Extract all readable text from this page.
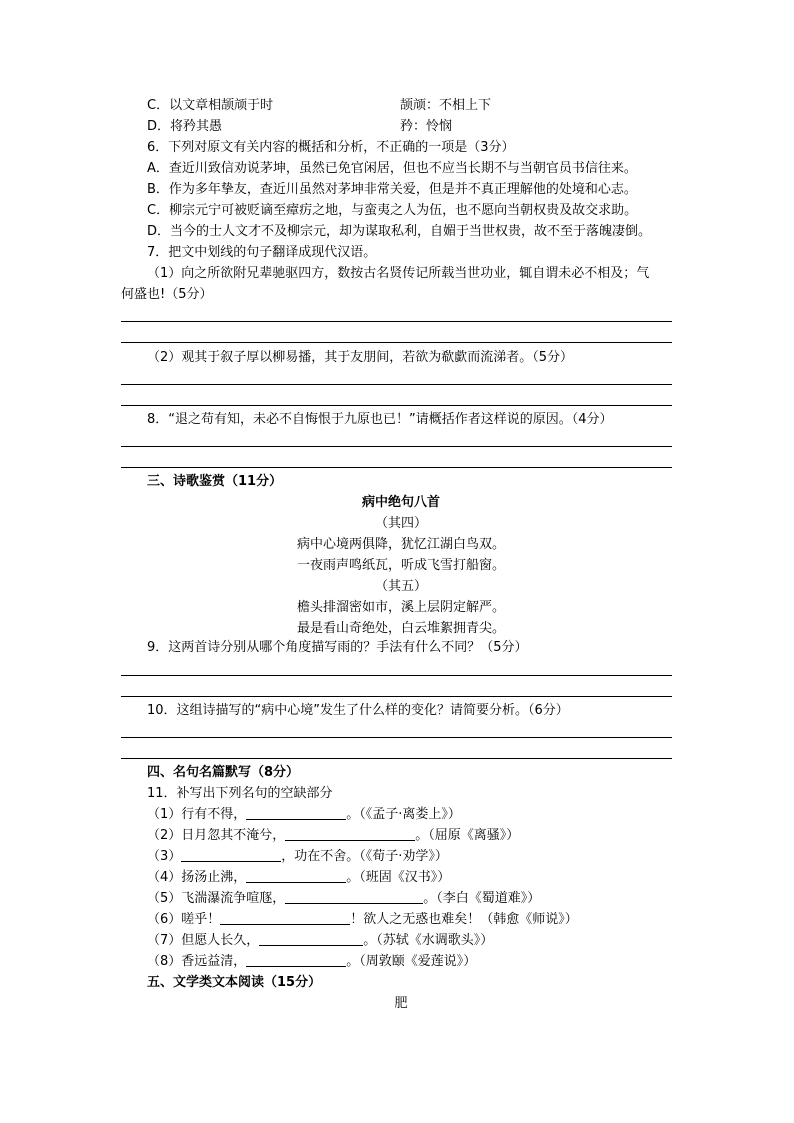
C．以文章相颉颃于时	颉颃：不相上下
D．将矜其愚	矜：怜悯
6．下列对原文有关内容的概括和分析，不正确的一项是（3分）
A．查近川致信劝说茅坤，虽然已免官闲居，但也不应当长期不与当朝官员书信往来。
B．作为多年挚友，查近川虽然对茅坤非常关爱，但是并不真正理解他的处境和心志。
C．柳宗元宁可被贬谪至瘴疠之地，与蛮夷之人为伍，也不愿向当朝权贵及故交求助。
D．当今的士人文才不及柳宗元，却为谋取私利，自媚于当世权贵，故不至于落魄凄倒。
7．把文中划线的句子翻译成现代汉语。
（1）向之所欲附兄辈驰驱四方，数按古名贤传记所载当世功业，辄自谓未必不相及；气
何盛也!（5分）
（2）观其于叙子厚以柳易播，其于友朋间，若欲为欷歔而流涕者。（5分）
8．“退之苟有知，未必不自悔恨于九原也已！”请概括作者这样说的原因。（4分）
三、诗歌鉴赏（11分）
病中绝句八首
（其四）
病中心境两俱降，犹忆江湖白鸟双。
一夜雨声鸣纸瓦，听成飞雪打船窗。
（其五）
檐头排溜密如市，溪上层阴定解严。
最是看山奇绝处，白云堆絮拥青尖。
9．这两首诗分别从哪个角度描写雨的？手法有什么不同？（5分）
10．这组诗描写的“病中心境”发生了什么样的变化？请简要分析。（6分）
四、名句名篇默写（8分）
11．补写出下列名句的空缺部分
（1）行有不得，	。（《孟子·离娄上》）
（2）日月忽其不淹兮，	。（屈原《离骚》）
（3）	，功在不舍。（《荀子·劝学》）
（4）扬汤止沸，	。（班固《汉书》）
（5）飞湍瀑流争喧豗，	。（李白《蜀道难》）
（6）嗟乎！	！欲人之无惑也难矣！（韩愈《师说》）
（7）但愿人长久，	。（苏轼《水调歌头》）
（8）香远益清，	。（周敦颐《爱莲说》）
五、文学类文本阅读（15分）
肥
